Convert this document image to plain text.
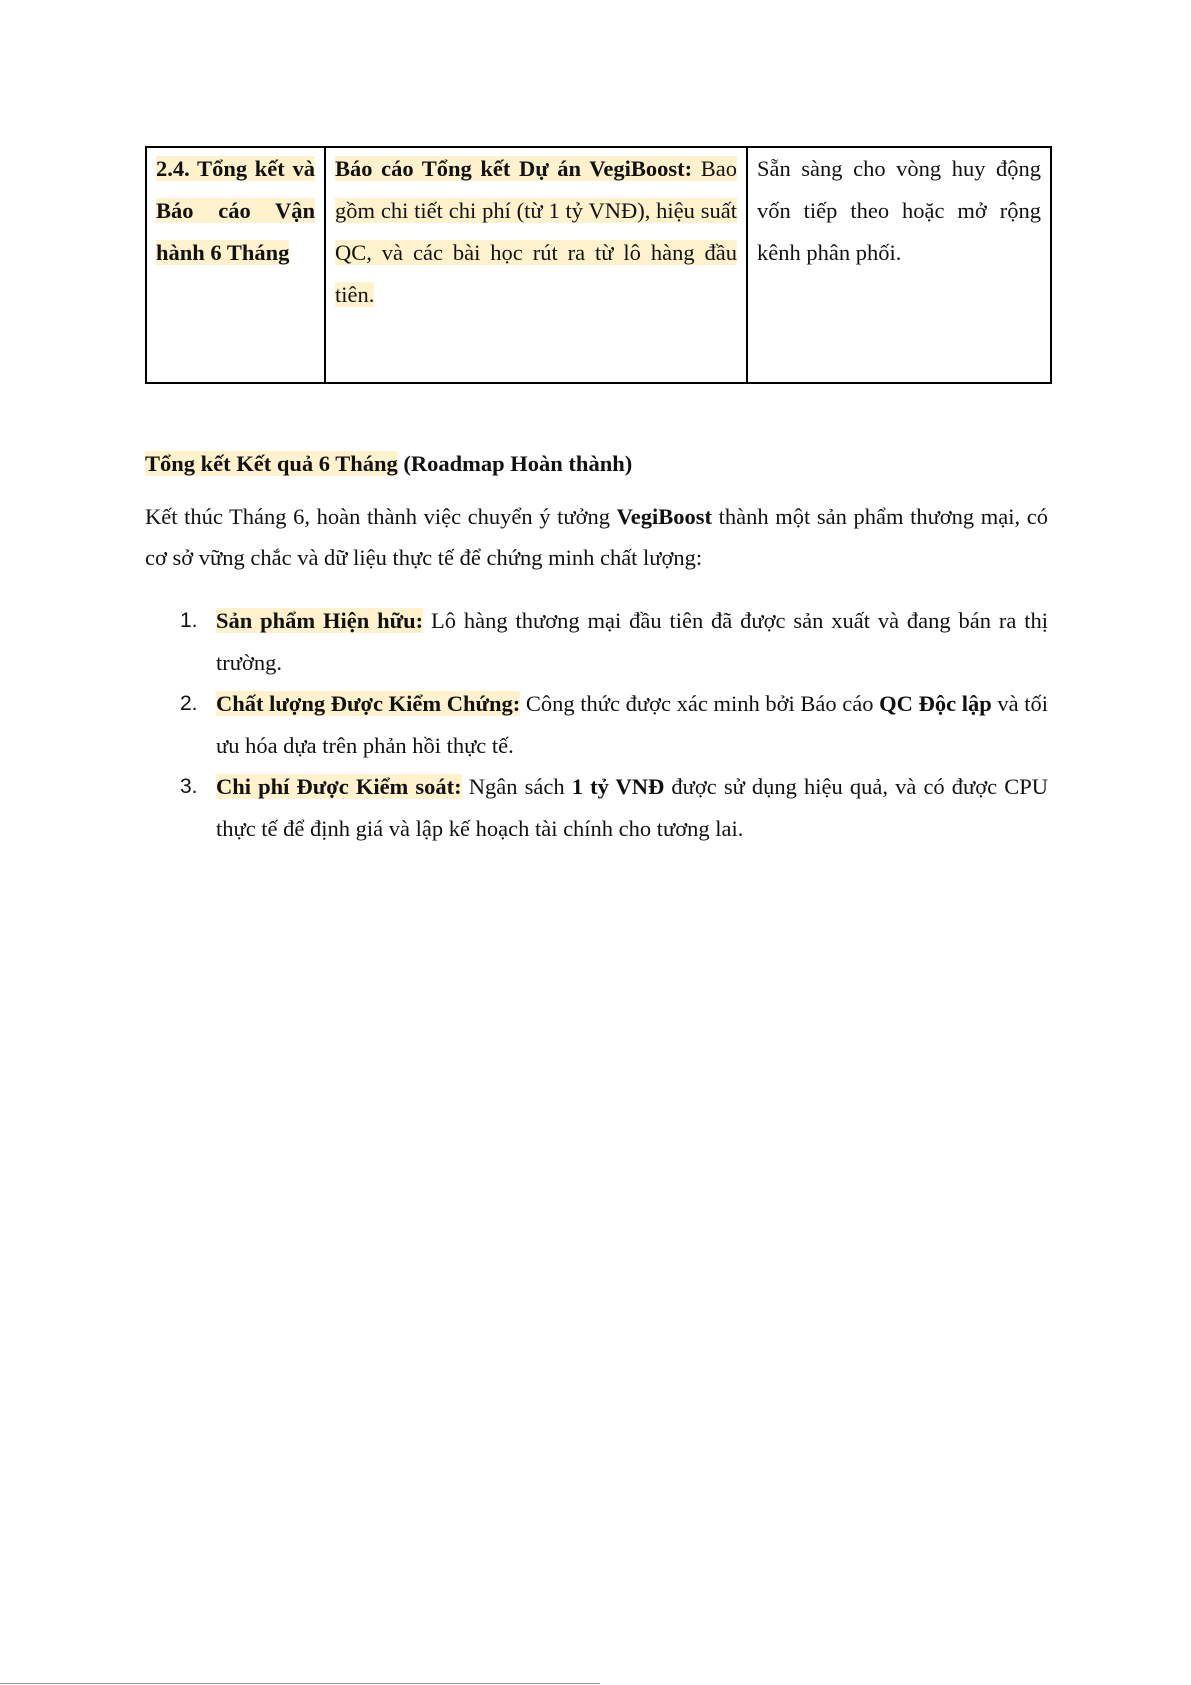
2.4. Tổng kết và Báo cáo Vận hành 6 Tháng	Báo cáo Tổng kết Dự án VegiBoost: Bao gồm chi tiết chi phí (từ 1 tỷ VNĐ), hiệu suất QC, và các bài học rút ra từ lô hàng đầu tiên.	Sẵn sàng cho vòng huy động vốn tiếp theo hoặc mở rộng kênh phân phối.
Tổng kết Kết quả 6 Tháng (Roadmap Hoàn thành)
Kết thúc Tháng 6, hoàn thành việc chuyển ý tưởng VegiBoost thành một sản phẩm thương mại, có cơ sở vững chắc và dữ liệu thực tế để chứng minh chất lượng:
1. Sản phẩm Hiện hữu: Lô hàng thương mại đầu tiên đã được sản xuất và đang bán ra thị trường.
2. Chất lượng Được Kiểm Chứng: Công thức được xác minh bởi Báo cáo QC Độc lập và tối ưu hóa dựa trên phản hồi thực tế.
3. Chi phí Được Kiểm soát: Ngân sách 1 tỷ VNĐ được sử dụng hiệu quả, và có được CPU thực tế để định giá và lập kế hoạch tài chính cho tương lai.
